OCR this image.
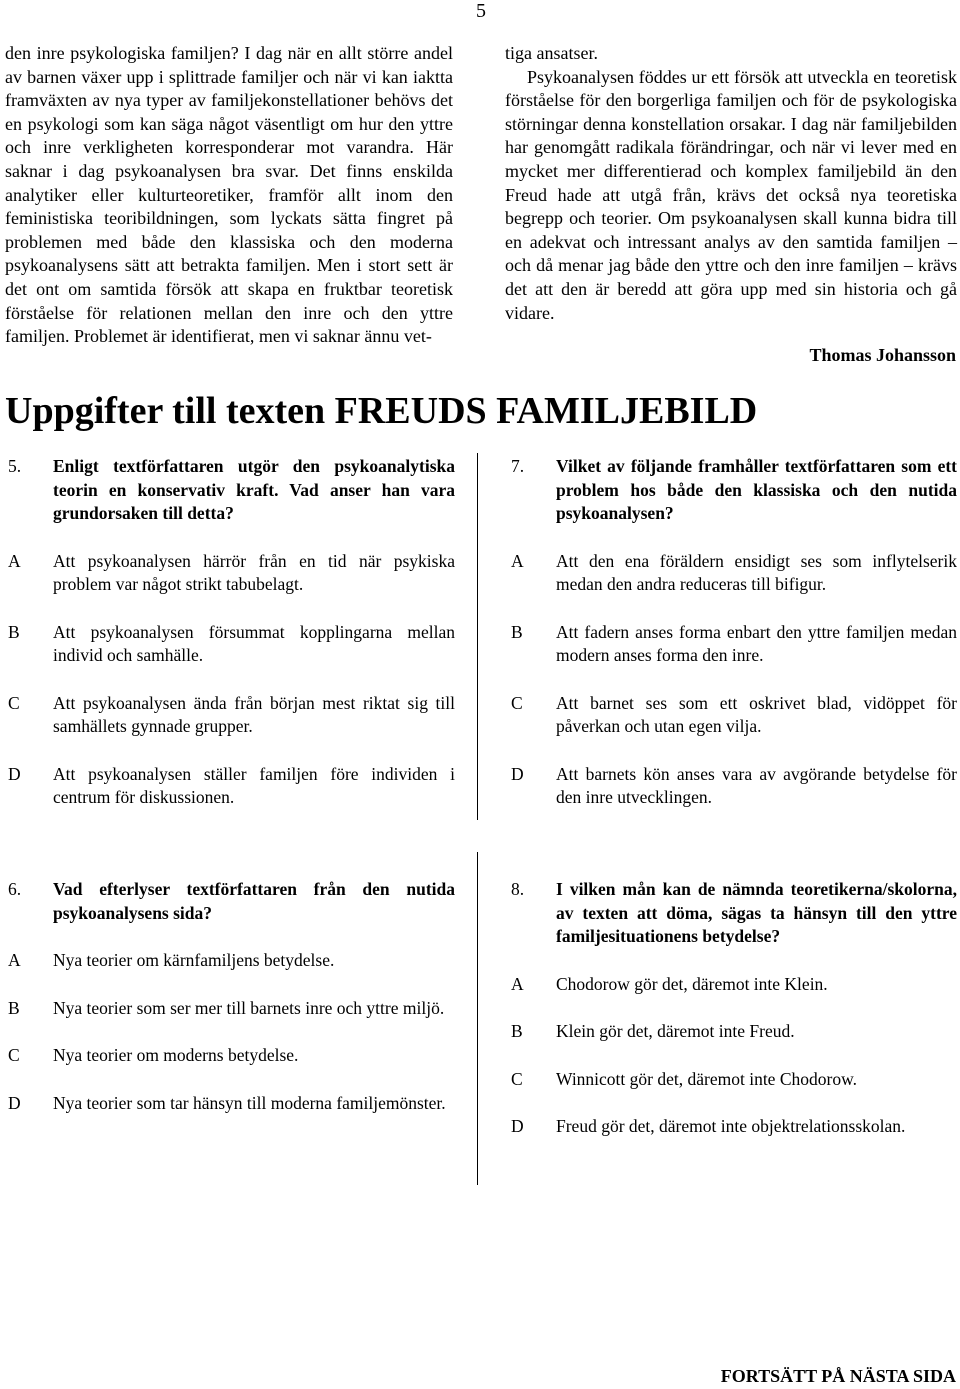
5

den inre psykologiska familjen? I dag när en allt större andel av barnen växer upp i splittrade familjer och när vi kan iaktta framväxten av nya typer av familjekonstellationer behövs det en psykologi som kan säga något väsentligt om hur den yttre och inre verkligheten korresponderar mot varandra. Här saknar i dag psykoanalysen bra svar. Det finns enskilda analytiker eller kulturteoretiker, framför allt inom den feministiska teoribildningen, som lyckats sätta fingret på problemen med både den klassiska och den moderna psykoanalysens sätt att betrakta familjen. Men i stort sett är det ont om samtida försök att skapa en fruktbar teoretisk förståelse för relationen mellan den inre och den yttre familjen. Problemet är identifierat, men vi saknar ännu vet-

tiga ansatser.

Psykoanalysen föddes ur ett försök att utveckla en teoretisk förståelse för den borgerliga familjen och för de psykologiska störningar denna konstellation orsakar. I dag när familjebilden har genomgått radikala förändringar, och när vi lever med en mycket mer differentierad och komplex familjebild än den Freud hade att utgå från, krävs det också nya teoretiska begrepp och teorier. Om psykoanalysen skall kunna bidra till en adekvat och intressant analys av den samtida familjen – och då menar jag både den yttre och den inre familjen – krävs det att den är beredd att göra upp med sin historia och gå vidare.

Thomas Johansson
Uppgifter till texten FREUDS FAMILJEBILD
5.	Enligt textförfattaren utgör den psykoanalytiska teorin en konservativ kraft. Vad anser han vara grundorsaken till detta?
A	Att psykoanalysen härrör från en tid när psykiska problem var något strikt tabubelagt.
B	Att psykoanalysen försummat kopplingarna mellan individ och samhälle.
C	Att psykoanalysen ända från början mest riktat sig till samhällets gynnade grupper.
D	Att psykoanalysen ställer familjen före individen i centrum för diskussionen.
7.	Vilket av följande framhåller textförfattaren som ett problem hos både den klassiska och den nutida psykoanalysen?
A	Att den ena föräldern ensidigt ses som inflytelserik medan den andra reduceras till bifigur.
B	Att fadern anses forma enbart den yttre familjen medan modern anses forma den inre.
C	Att barnet ses som ett oskrivet blad, vidöppet för påverkan och utan egen vilja.
D	Att barnets kön anses vara av avgörande betydelse för den inre utvecklingen.
6.	Vad efterlyser textförfattaren från den nutida psykoanalysens sida?
A	Nya teorier om kärnfamiljens betydelse.
B	Nya teorier som ser mer till barnets inre och yttre miljö.
C	Nya teorier om moderns betydelse.
D	Nya teorier som tar hänsyn till moderna familjemönster.
8.	I vilken mån kan de nämnda teoretikerna/skolorna, av texten att döma, sägas ta hänsyn till den yttre familjesituationens betydelse?
A	Chodorow gör det, däremot inte Klein.
B	Klein gör det, däremot inte Freud.
C	Winnicott gör det, däremot inte Chodorow.
D	Freud gör det, däremot inte objektrelationsskolan.
FORTSÄTT PÅ NÄSTA SIDA
